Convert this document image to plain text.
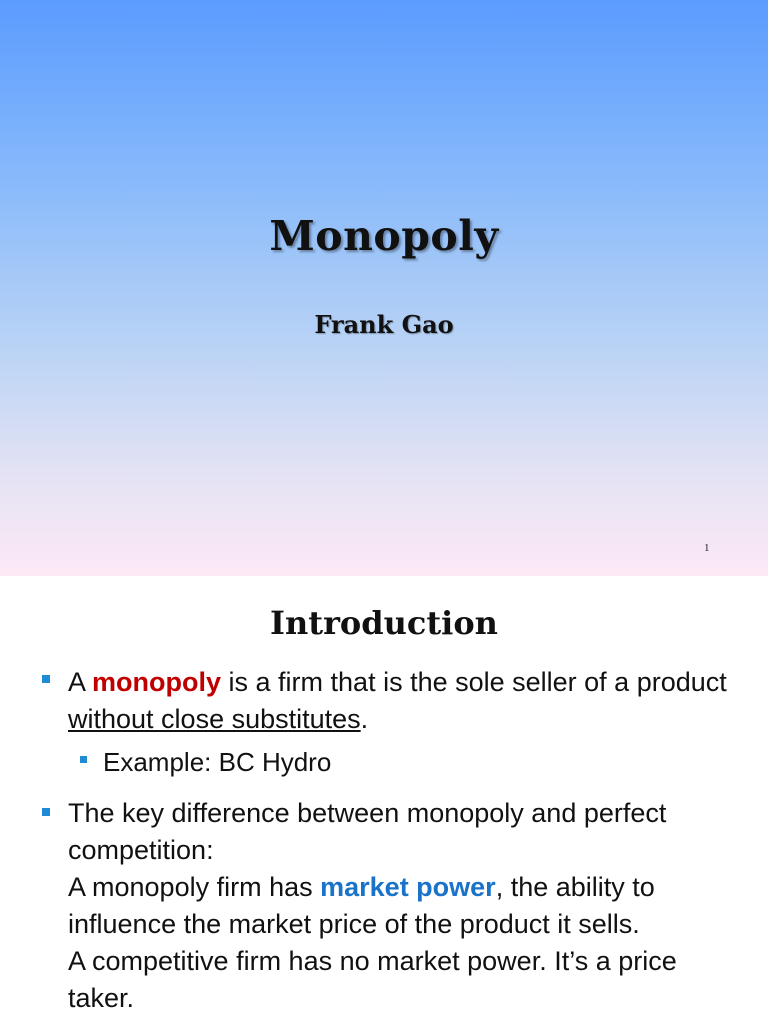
Monopoly
Frank Gao
1
Introduction
A monopoly is a firm that is the sole seller of a product without close substitutes.
Example: BC Hydro
The key difference between monopoly and perfect competition:
A monopoly firm has market power, the ability to influence the market price of the product it sells.
A competitive firm has no market power. It’s a price taker.
